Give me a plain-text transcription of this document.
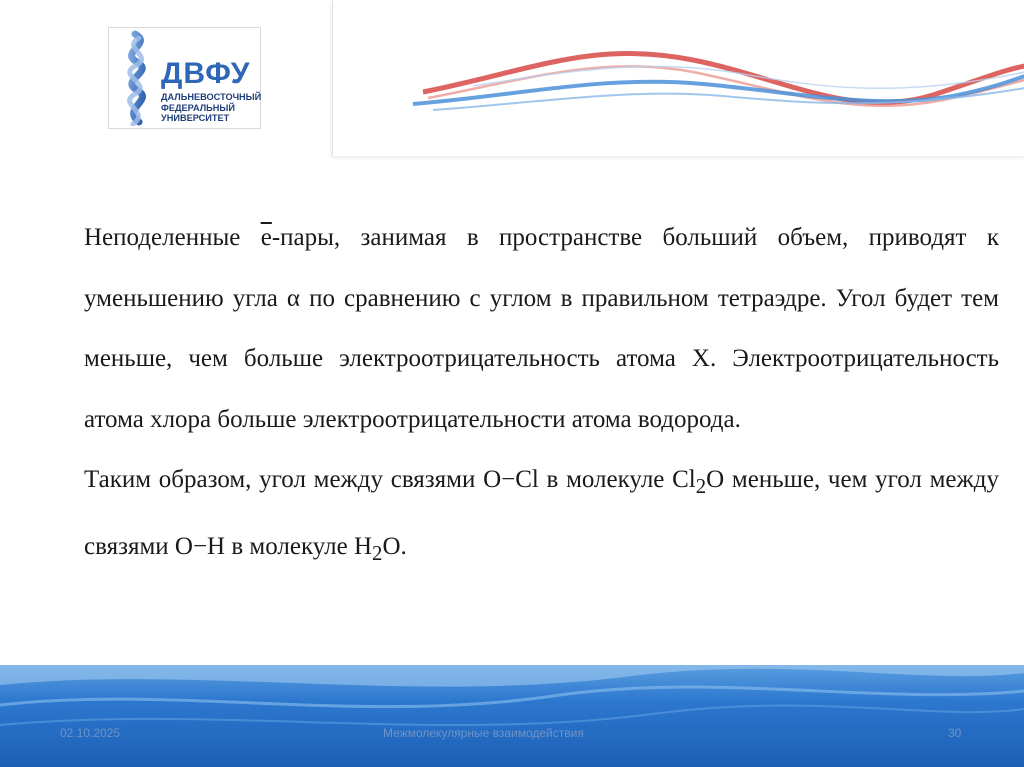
ДВФУ
ДАЛЬНЕВОСТОЧНЫЙ
ФЕДЕРАЛЬНЫЙ
УНИВЕРСИТЕТ

Неподеленные $\overline{e}$-пары, занимая в пространстве больший объем, приводят к уменьшению угла α по сравнению с углом в правильном тетраэдре. Угол будет тем меньше, чем больше электроотрицательность атома Х. Электроотрицательность атома хлора больше электроотрицательности атома водорода.

Таким образом, угол между связями O−Cl в молекуле $Cl_2O$ меньше, чем угол между связями O−H в молекуле $H_2O$.

02.10.2025	Межмолекулярные взаимодействия	30
